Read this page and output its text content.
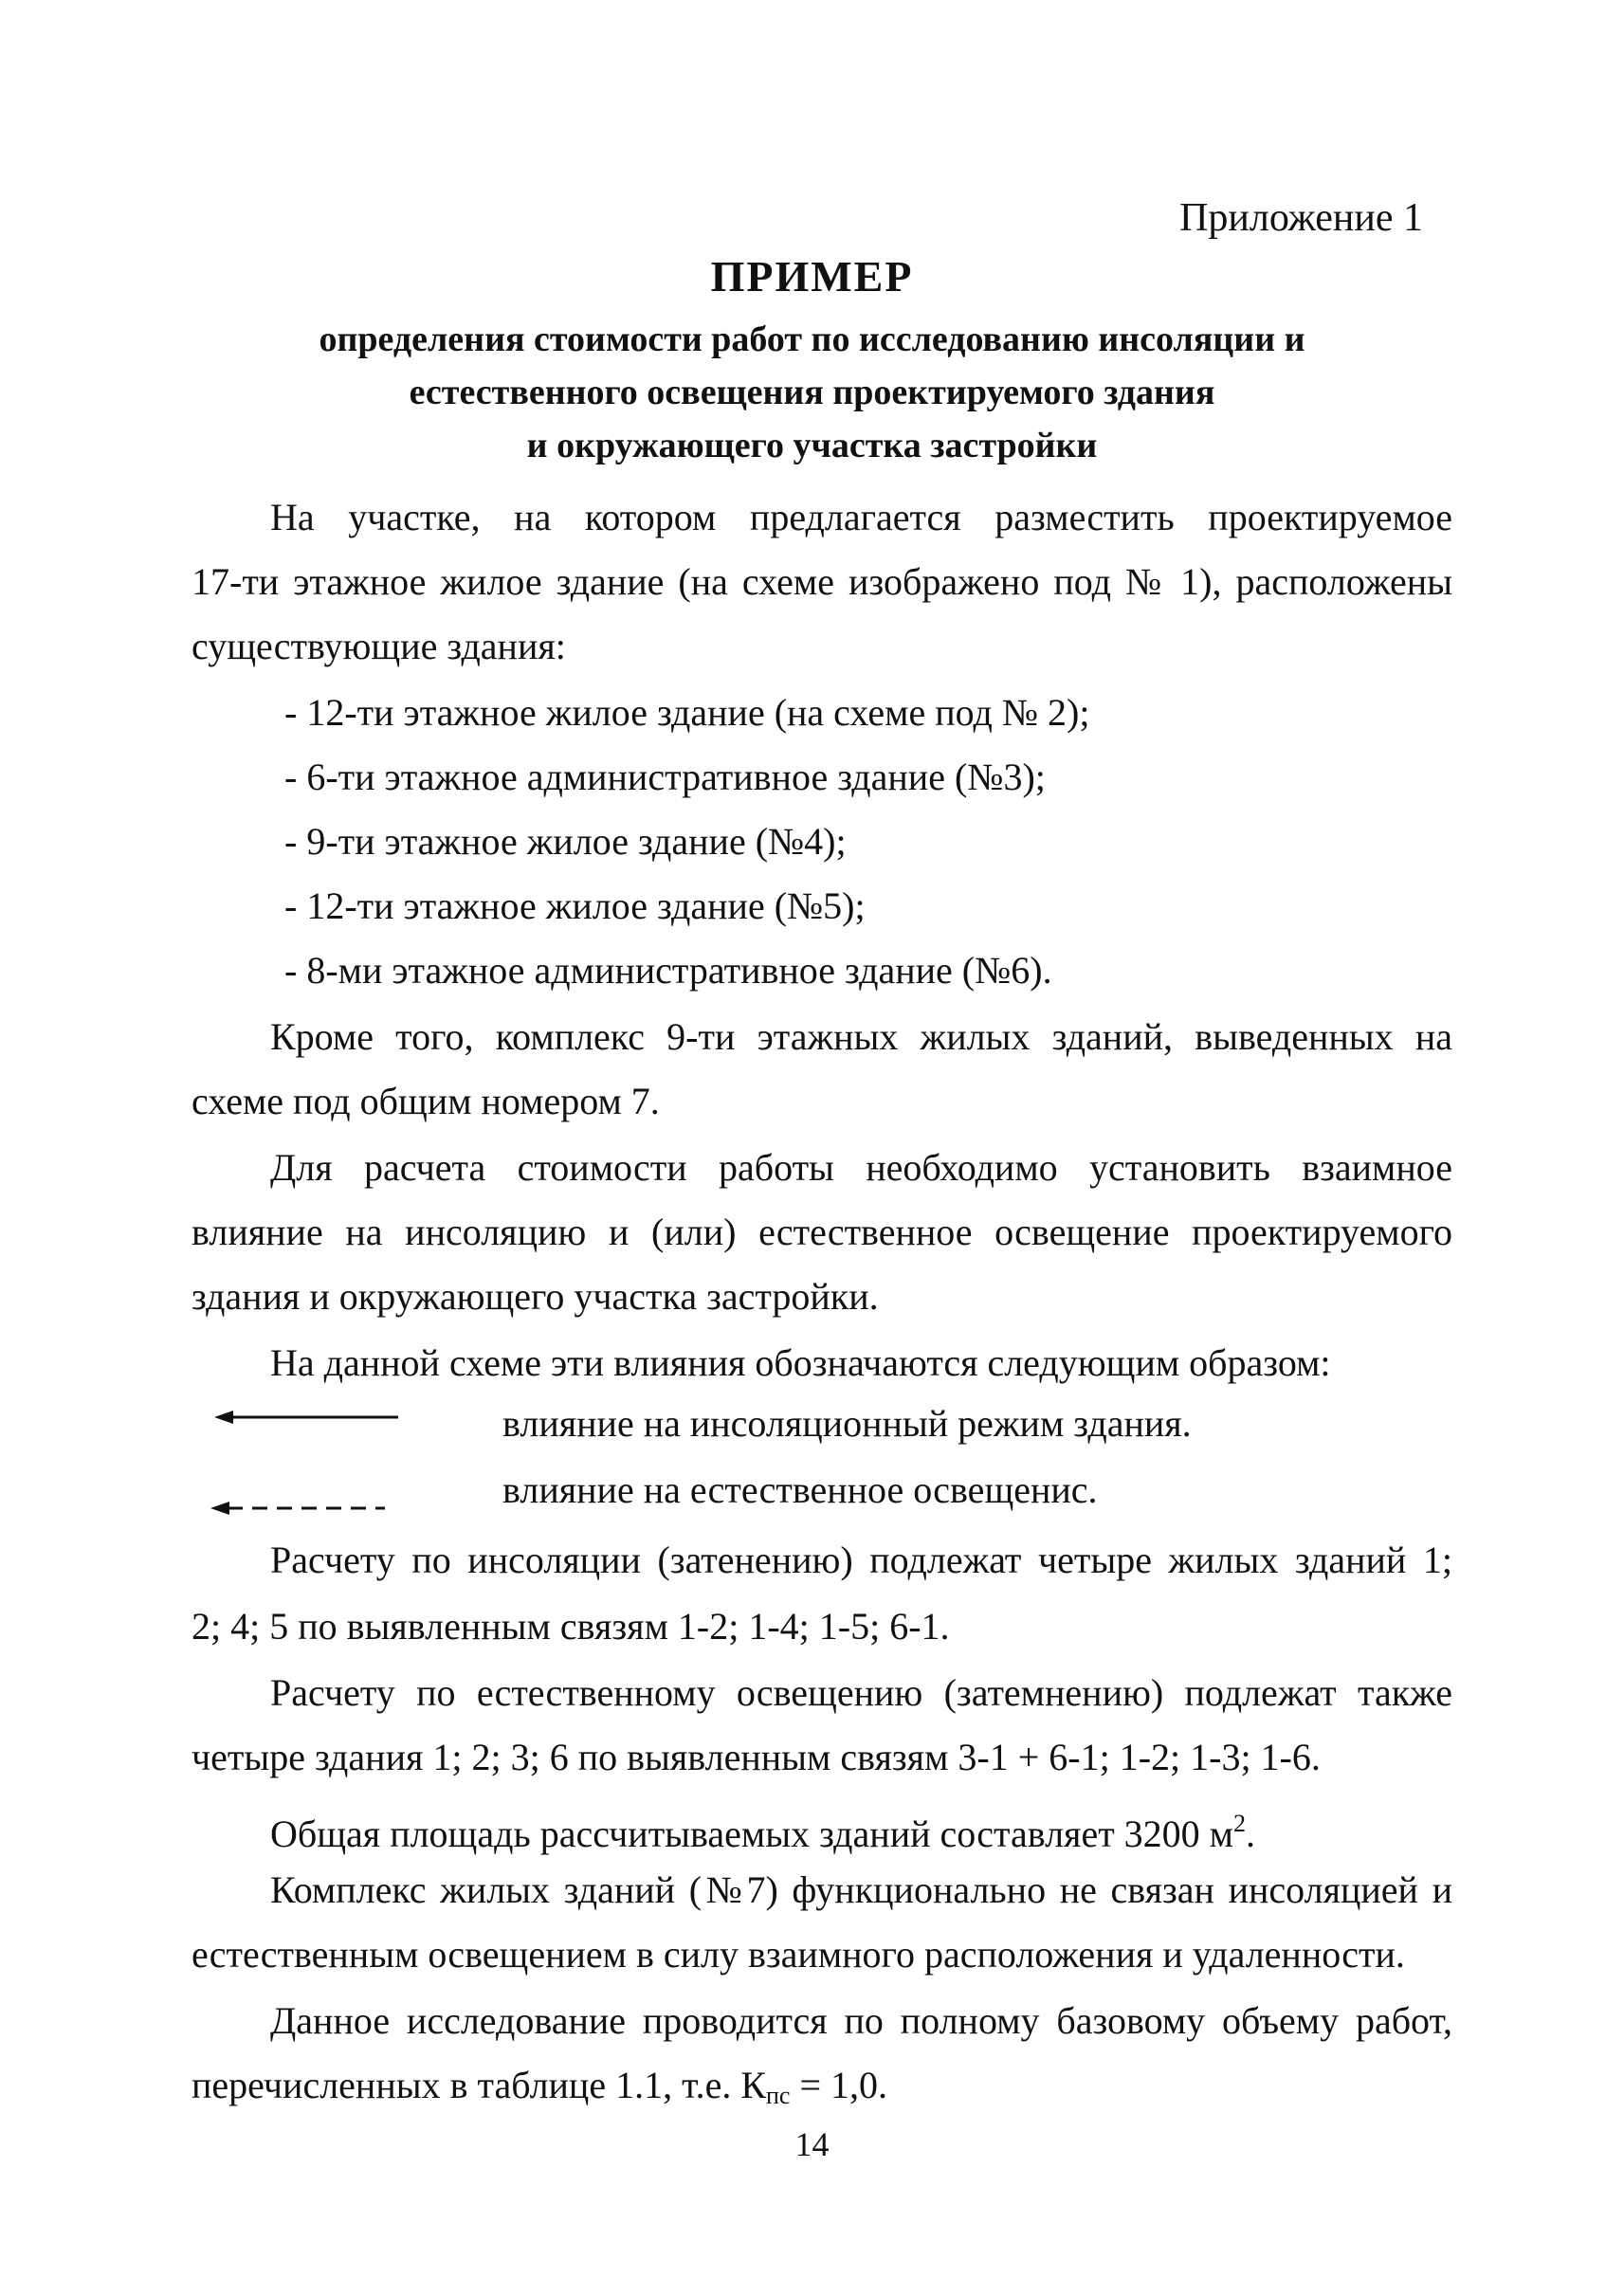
Приложение 1
ПРИМЕР
определения стоимости работ по исследованию инсоляции и
естественного освещения проектируемого здания
и окружающего участка застройки
На участке, на котором предлагается разместить проектируемое
17-ти этажное жилое здание (на схеме изображено под № 1), расположены
существующие здания:
- 12-ти этажное жилое здание (на схеме под № 2);
- 6-ти этажное административное здание (№3);
- 9-ти этажное жилое здание (№4);
- 12-ти этажное жилое здание (№5);
- 8-ми этажное административное здание (№6).
Кроме того, комплекс 9-ти этажных жилых зданий, выведенных на
схеме под общим номером 7.
Для расчета стоимости работы необходимо установить взаимное
влияние на инсоляцию и (или) естественное освещение проектируемого
здания и окружающего участка застройки.
На данной схеме эти влияния обозначаются следующим образом:
влияние на инсоляционный режим здания.
влияние на естественное освещенис.
Расчету по инсоляции (затенению) подлежат четыре жилых зданий 1;
2; 4; 5 по выявленным связям 1-2; 1-4; 1-5; 6-1.
Расчету по естественному освещению (затемнению) подлежат также
четыре здания 1; 2; 3; 6 по выявленным связям 3-1 + 6-1; 1-2; 1-3; 1-6.
Общая площадь рассчитываемых зданий составляет 3200 $м^2$.
Комплекс жилых зданий (№7) функционально не связан инсоляцией и
естественным освещением в силу взаимного расположения и удаленности.
Данное исследование проводится по полному базовому объему работ,
перечисленных в таблице 1.1, т.е. $К_{пс} = 1,0$.
14
